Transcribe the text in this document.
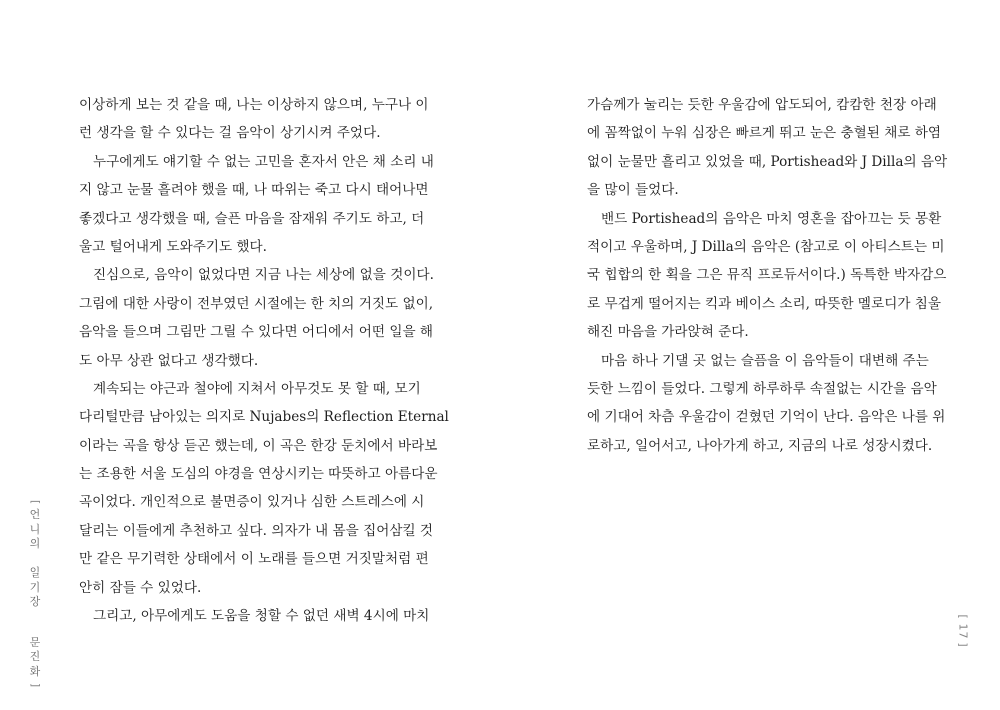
이상하게 보는 것 같을 때, 나는 이상하지 않으며, 누구나 이
런 생각을 할 수 있다는 걸 음악이 상기시켜 주었다.
누구에게도 얘기할 수 없는 고민을 혼자서 안은 채 소리 내
지 않고 눈물 흘려야 했을 때, 나 따위는 죽고 다시 태어나면
좋겠다고 생각했을 때, 슬픈 마음을 잠재워 주기도 하고, 더
울고 털어내게 도와주기도 했다.
진심으로, 음악이 없었다면 지금 나는 세상에 없을 것이다.
그림에 대한 사랑이 전부였던 시절에는 한 치의 거짓도 없이,
음악을 들으며 그림만 그릴 수 있다면 어디에서 어떤 일을 해
도 아무 상관 없다고 생각했다.
계속되는 야근과 철야에 지쳐서 아무것도 못 할 때, 모기
다리털만큼 남아있는 의지로 Nujabes의 Reflection Eternal
이라는 곡을 항상 듣곤 했는데, 이 곡은 한강 둔치에서 바라보
는 조용한 서울 도심의 야경을 연상시키는 따뜻하고 아름다운
곡이었다. 개인적으로 불면증이 있거나 심한 스트레스에 시
달리는 이들에게 추천하고 싶다. 의자가 내 몸을 집어삼킬 것
만 같은 무기력한 상태에서 이 노래를 들으면 거짓말처럼 편
안히 잠들 수 있었다.
그리고, 아무에게도 도움을 청할 수 없던 새벽 4시에 마치
[
언
니
의

일
기
장
문
진
화
]
가슴께가 눌리는 듯한 우울감에 압도되어, 캄캄한 천장 아래
에 꼼짝없이 누워 심장은 빠르게 뛰고 눈은 충혈된 채로 하염
없이 눈물만 흘리고 있었을 때, Portishead와 J Dilla의 음악
을 많이 들었다.
밴드 Portishead의 음악은 마치 영혼을 잡아끄는 듯 몽환
적이고 우울하며, J Dilla의 음악은 (참고로 이 아티스트는 미
국 힙합의 한 획을 그은 뮤직 프로듀서이다.) 독특한 박자감으
로 무겁게 떨어지는 킥과 베이스 소리, 따뜻한 멜로디가 침울
해진 마음을 가라앉혀 준다.
마음 하나 기댈 곳 없는 슬픔을 이 음악들이 대변해 주는
듯한 느낌이 들었다. 그렇게 하루하루 속절없는 시간을 음악
에 기대어 차츰 우울감이 걷혔던 기억이 난다. 음악은 나를 위
로하고, 일어서고, 나아가게 하고, 지금의 나로 성장시켰다.
[
17
]
